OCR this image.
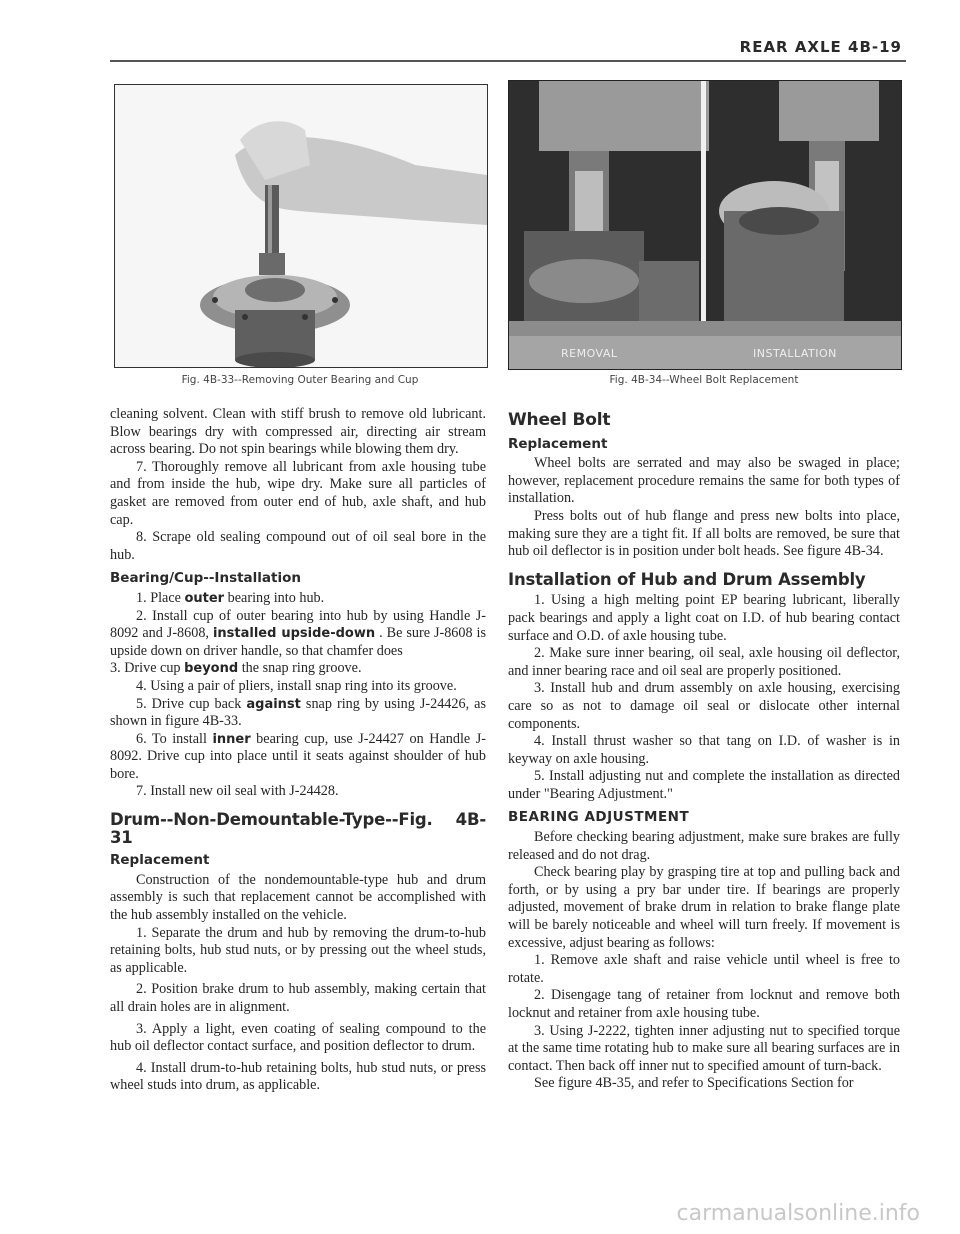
REAR AXLE 4B-19
Fig. 4B-33--Removing Outer Bearing and Cup
REMOVAL	INSTALLATION
Fig. 4B-34--Wheel Bolt Replacement

cleaning solvent. Clean with stiff brush to remove old lubricant. Blow bearings dry with compressed air, directing air stream across bearing. Do not spin bearings while blowing them dry.

7. Thoroughly remove all lubricant from axle housing tube and from inside the hub, wipe dry. Make sure all particles of gasket are removed from outer end of hub, axle shaft, and hub cap.

8. Scrape old sealing compound out of oil seal bore in the hub.

Bearing/Cup--Installation

1. Place outer bearing into hub.

2. Install cup of outer bearing into hub by using Handle J-8092 and J-8608, installed upside-down . Be sure J-8608 is upside down on driver handle, so that chamfer does

3. Drive cup beyond the snap ring groove.

4. Using a pair of pliers, install snap ring into its groove.

5. Drive cup back against snap ring by using J-24426, as shown in figure 4B-33.

6. To install inner bearing cup, use J-24427 on Handle J-8092. Drive cup into place until it seats against shoulder of hub bore.

7. Install new oil seal with J-24428.

Drum--Non-Demountable-Type--Fig. 4B-31
Replacement

Construction of the nondemountable-type hub and drum assembly is such that replacement cannot be accomplished with the hub assembly installed on the vehicle.

1. Separate the drum and hub by removing the drum-to-hub retaining bolts, hub stud nuts, or by pressing out the wheel studs, as applicable.

2. Position brake drum to hub assembly, making certain that all drain holes are in alignment.

3. Apply a light, even coating of sealing compound to the hub oil deflector contact surface, and position deflector to drum.

4. Install drum-to-hub retaining bolts, hub stud nuts, or press wheel studs into drum, as applicable.

Wheel Bolt
Replacement

Wheel bolts are serrated and may also be swaged in place; however, replacement procedure remains the same for both types of installation.

Press bolts out of hub flange and press new bolts into place, making sure they are a tight fit. If all bolts are removed, be sure that hub oil deflector is in position under bolt heads. See figure 4B-34.

Installation of Hub and Drum Assembly

1. Using a high melting point EP bearing lubricant, liberally pack bearings and apply a light coat on I.D. of hub bearing contact surface and O.D. of axle housing tube.

2. Make sure inner bearing, oil seal, axle housing oil deflector, and inner bearing race and oil seal are properly positioned.

3. Install hub and drum assembly on axle housing, exercising care so as not to damage oil seal or dislocate other internal components.

4. Install thrust washer so that tang on I.D. of washer is in keyway on axle housing.

5. Install adjusting nut and complete the installation as directed under "Bearing Adjustment."

BEARING ADJUSTMENT

Before checking bearing adjustment, make sure brakes are fully released and do not drag.

Check bearing play by grasping tire at top and pulling back and forth, or by using a pry bar under tire. If bearings are properly adjusted, movement of brake drum in relation to brake flange plate will be barely noticeable and wheel will turn freely. If movement is excessive, adjust bearing as follows:

1. Remove axle shaft and raise vehicle until wheel is free to rotate.

2. Disengage tang of retainer from locknut and remove both locknut and retainer from axle housing tube.

3. Using J-2222, tighten inner adjusting nut to specified torque at the same time rotating hub to make sure all bearing surfaces are in contact. Then back off inner nut to specified amount of turn-back.

See figure 4B-35, and refer to Specifications Section for

carmanualsonline.info
